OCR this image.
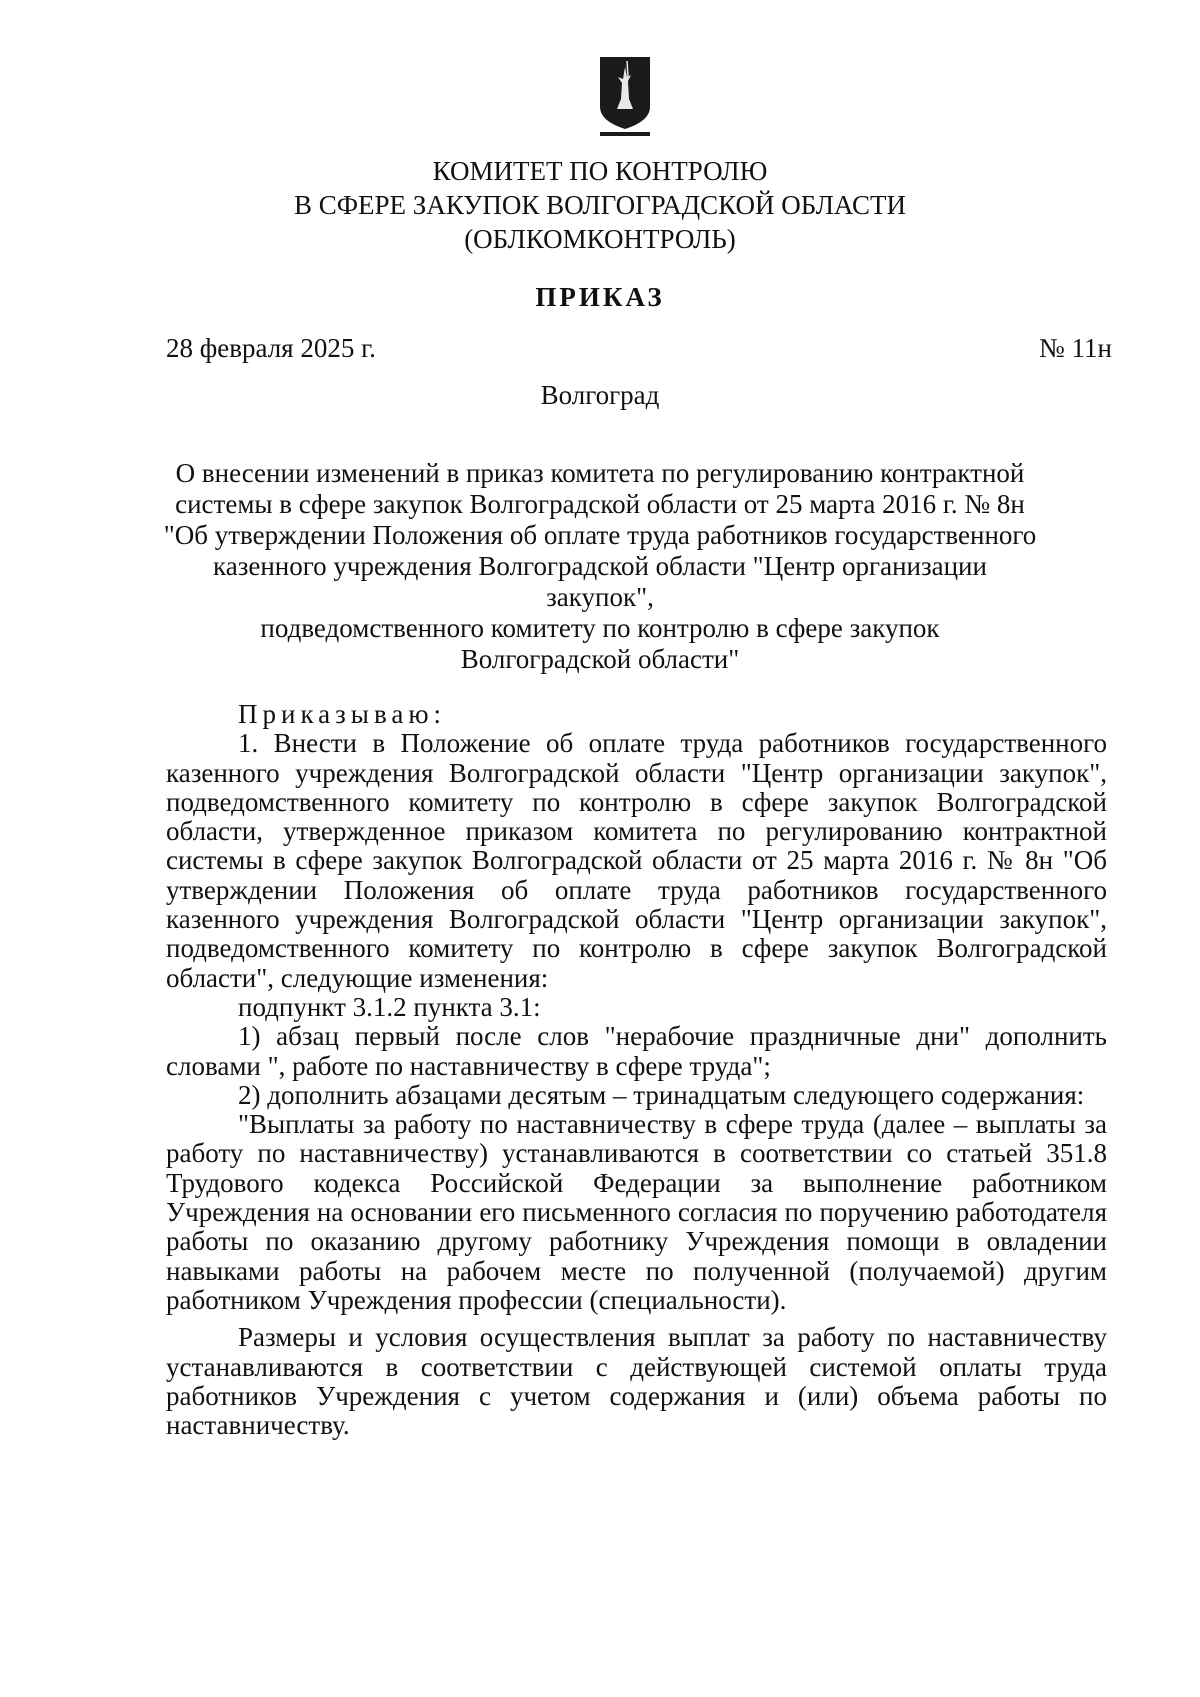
КОМИТЕТ ПО КОНТРОЛЮ
В СФЕРЕ ЗАКУПОК ВОЛГОГРАДСКОЙ ОБЛАСТИ
(ОБЛКОМКОНТРОЛЬ)
ПРИКАЗ
28 февраля 2025 г.	№ 11н
Волгоград
О внесении изменений в приказ комитета по регулированию контрактной
системы в сфере закупок Волгоградской области от 25 марта 2016 г. № 8н
"Об утверждении Положения об оплате труда работников государственного
казенного учреждения Волгоградской области "Центр организации закупок",
подведомственного комитету по контролю в сфере закупок
Волгоградской области"

Приказываю:

1. Внести в Положение об оплате труда работников государственного казенного учреждения Волгоградской области "Центр организации закупок", подведомственного комитету по контролю в сфере закупок Волгоградской области, утвержденное приказом комитета по регулированию контрактной системы в сфере закупок Волгоградской области от 25 марта 2016 г. № 8н "Об утверждении Положения об оплате труда работников государственного казенного учреждения Волгоградской области "Центр организации закупок", подведомственного комитету по контролю в сфере закупок Волгоградской области", следующие изменения:

подпункт 3.1.2 пункта 3.1:

1) абзац первый после слов "нерабочие праздничные дни" дополнить словами ", работе по наставничеству в сфере труда";

2) дополнить абзацами десятым – тринадцатым следующего содержания:

"Выплаты за работу по наставничеству в сфере труда (далее – выплаты за работу по наставничеству) устанавливаются в соответствии со статьей 351.8 Трудового кодекса Российской Федерации за выполнение работником Учреждения на основании его письменного согласия по поручению работодателя работы по оказанию другому работнику Учреждения помощи в овладении навыками работы на рабочем месте по полученной (получаемой) другим работником Учреждения профессии (специальности).

Размеры и условия осуществления выплат за работу по наставничеству устанавливаются в соответствии с действующей системой оплаты труда работников Учреждения с учетом содержания и (или) объема работы по наставничеству.
